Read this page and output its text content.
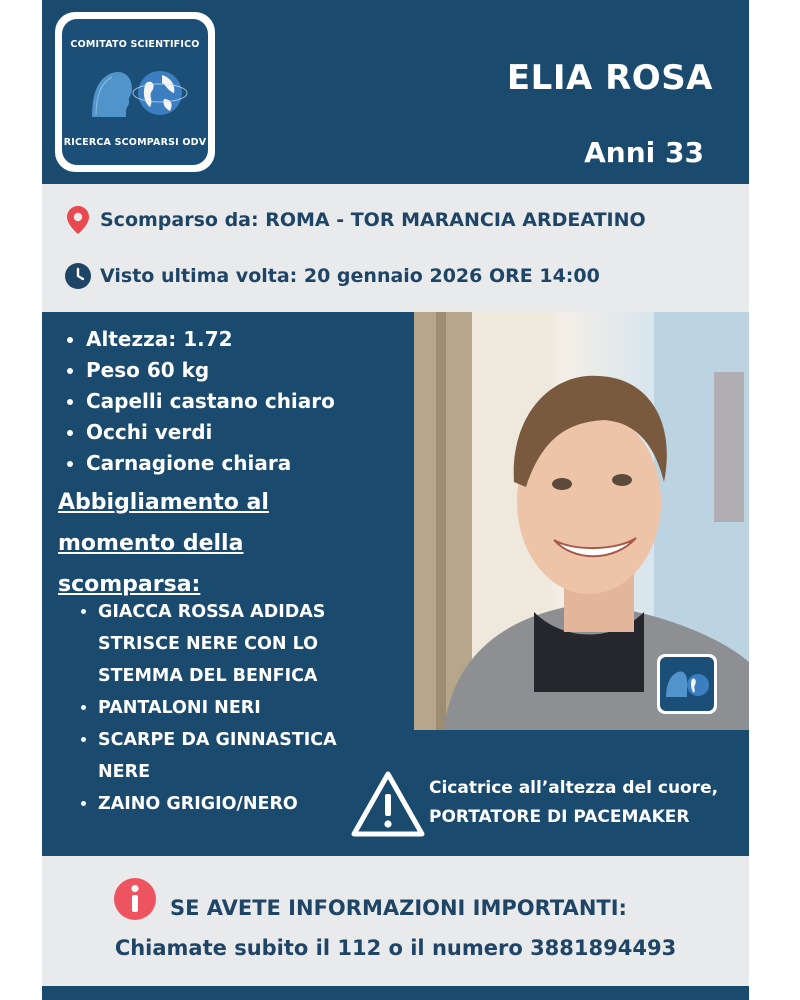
COMITATO SCIENTIFICO
RICERCA SCOMPARSI ODV
ELIA ROSA
Anni 33
Scomparso da: ROMA - TOR MARANCIA ARDEATINO
Visto ultima volta: 20 gennaio 2026 ORE 14:00
• Altezza: 1.72
• Peso 60 kg
• Capelli castano chiaro
• Occhi verdi
• Carnagione chiara
Abbigliamento al
momento della
scomparsa:
• GIACCA ROSSA ADIDAS
STRISCE NERE CON LO
STEMMA DEL BENFICA
• PANTALONI NERI
• SCARPE DA GINNASTICA
NERE
• ZAINO GRIGIO/NERO
Cicatrice all’altezza del cuore,
PORTATORE DI PACEMAKER
SE AVETE INFORMAZIONI IMPORTANTI:
Chiamate subito il 112 o il numero 3881894493
